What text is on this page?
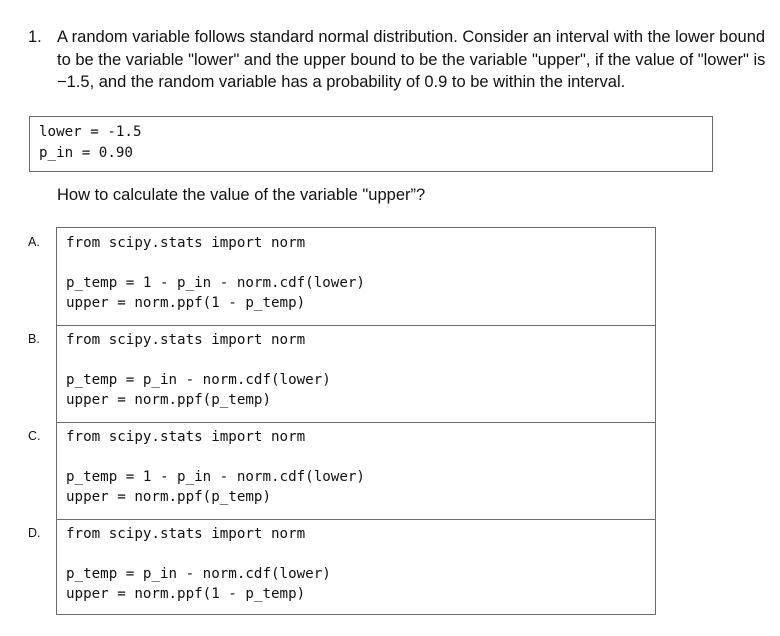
1. A random variable follows standard normal distribution. Consider an interval with the lower bound to be the variable "lower" and the upper bound to be the variable "upper", if the value of "lower" is −1.5, and the random variable has a probability of 0.9 to be within the interval.
lower = -1.5
p_in = 0.90
How to calculate the value of the variable "upper”?
A.
B.
C.
D.
from scipy.stats import norm
p_temp = 1 - p_in - norm.cdf(lower)
upper = norm.ppf(1 - p_temp)
from scipy.stats import norm
p_temp = p_in - norm.cdf(lower)
upper = norm.ppf(p_temp)
from scipy.stats import norm
p_temp = 1 - p_in - norm.cdf(lower)
upper = norm.ppf(p_temp)
from scipy.stats import norm
p_temp = p_in - norm.cdf(lower)
upper = norm.ppf(1 - p_temp)
